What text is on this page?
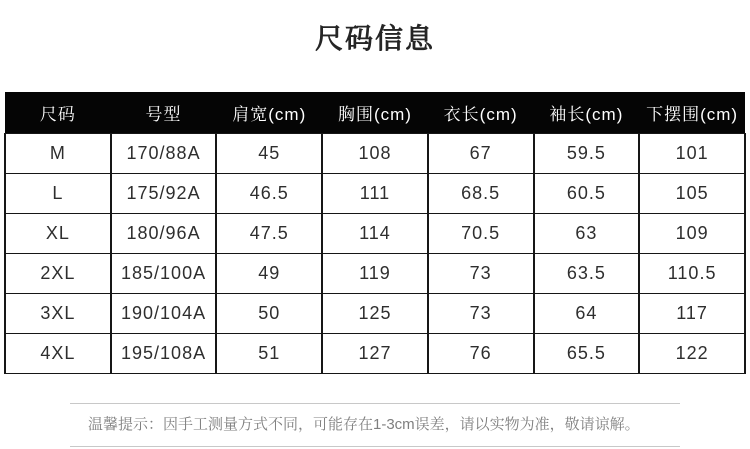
尺码信息
尺码	号型	肩宽(cm)	胸围(cm)	衣长(cm)	袖长(cm)	下摆围(cm)
M	170/88A	45	108	67	59.5	101
L	175/92A	46.5	111	68.5	60.5	105
XL	180/96A	47.5	114	70.5	63	109
2XL	185/100A	49	119	73	63.5	110.5
3XL	190/104A	50	125	73	64	117
4XL	195/108A	51	127	76	65.5	122
温馨提示：因手工测量方式不同，可能存在1-3cm误差，请以实物为准，敬请谅解。
